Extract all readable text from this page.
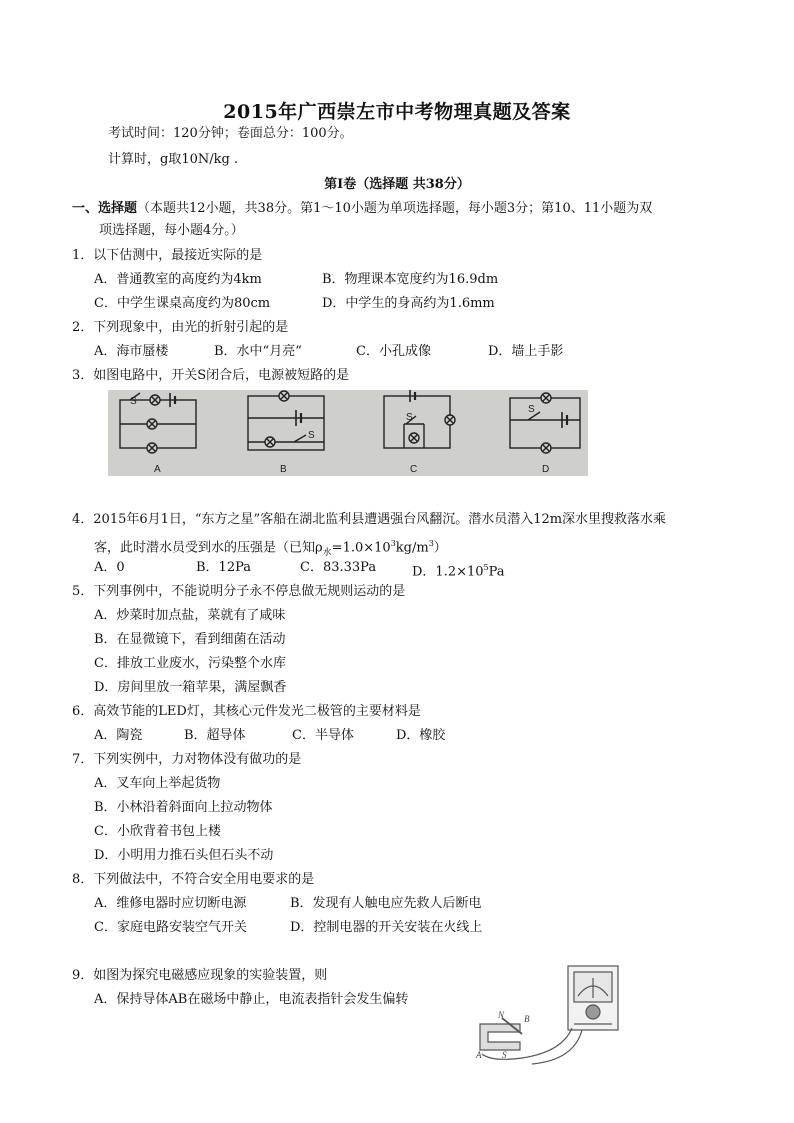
2015年广西崇左市中考物理真题及答案
考试时间：120分钟；卷面总分：100分。
计算时，g取10N/kg .
第Ⅰ卷（选择题 共38分）
一、选择题（本题共12小题，共38分。第1～10小题为单项选择题，每小题3分；第10、11小题为双
项选择题，每小题4分。）
1．以下估测中，最接近实际的是
A．普通教室的高度约为4km	B．物理课本宽度约为16.9dm
C．中学生课桌高度约为80cm	D．中学生的身高约为1.6mm
2．下列现象中，由光的折射引起的是
A．海市蜃楼	B．水中“月亮”	C．小孔成像	D．墙上手影
3．如图电路中，开关S闭合后，电源被短路的是
S
A
S
B
S
C
S
D
4．2015年6月1日，“东方之星”客船在湖北监利县遭遇强台风翻沉。潜水员潜入12m深水里搜救落水乘
客，此时潜水员受到水的压强是（已知$\rho_水=1.0\times 10^3kg/m^3$）
A．0	B．12Pa	C．83.33Pa	D．$1.2\times 10^5Pa$
5．下列事例中，不能说明分子永不停息做无规则运动的是
A．炒菜时加点盐，菜就有了咸味
B．在显微镜下，看到细菌在活动
C．排放工业废水，污染整个水库
D．房间里放一箱苹果，满屋飘香
6．高效节能的LED灯，其核心元件发光二极管的主要材料是
A．陶瓷	B．超导体	C．半导体	D．橡胶
7．下列实例中，力对物体没有做功的是
A．叉车向上举起货物
B．小林沿着斜面向上拉动物体
C．小欣背着书包上楼
D．小明用力推石头但石头不动
8．下列做法中，不符合安全用电要求的是
A．维修电器时应切断电源	B．发现有人触电应先救人后断电
C．家庭电路安装空气开关	D．控制电器的开关安装在火线上
9．如图为探究电磁感应现象的实验装置，则
A．保持导体AB在磁场中静止，电流表指针会发生偏转
N B
A S
